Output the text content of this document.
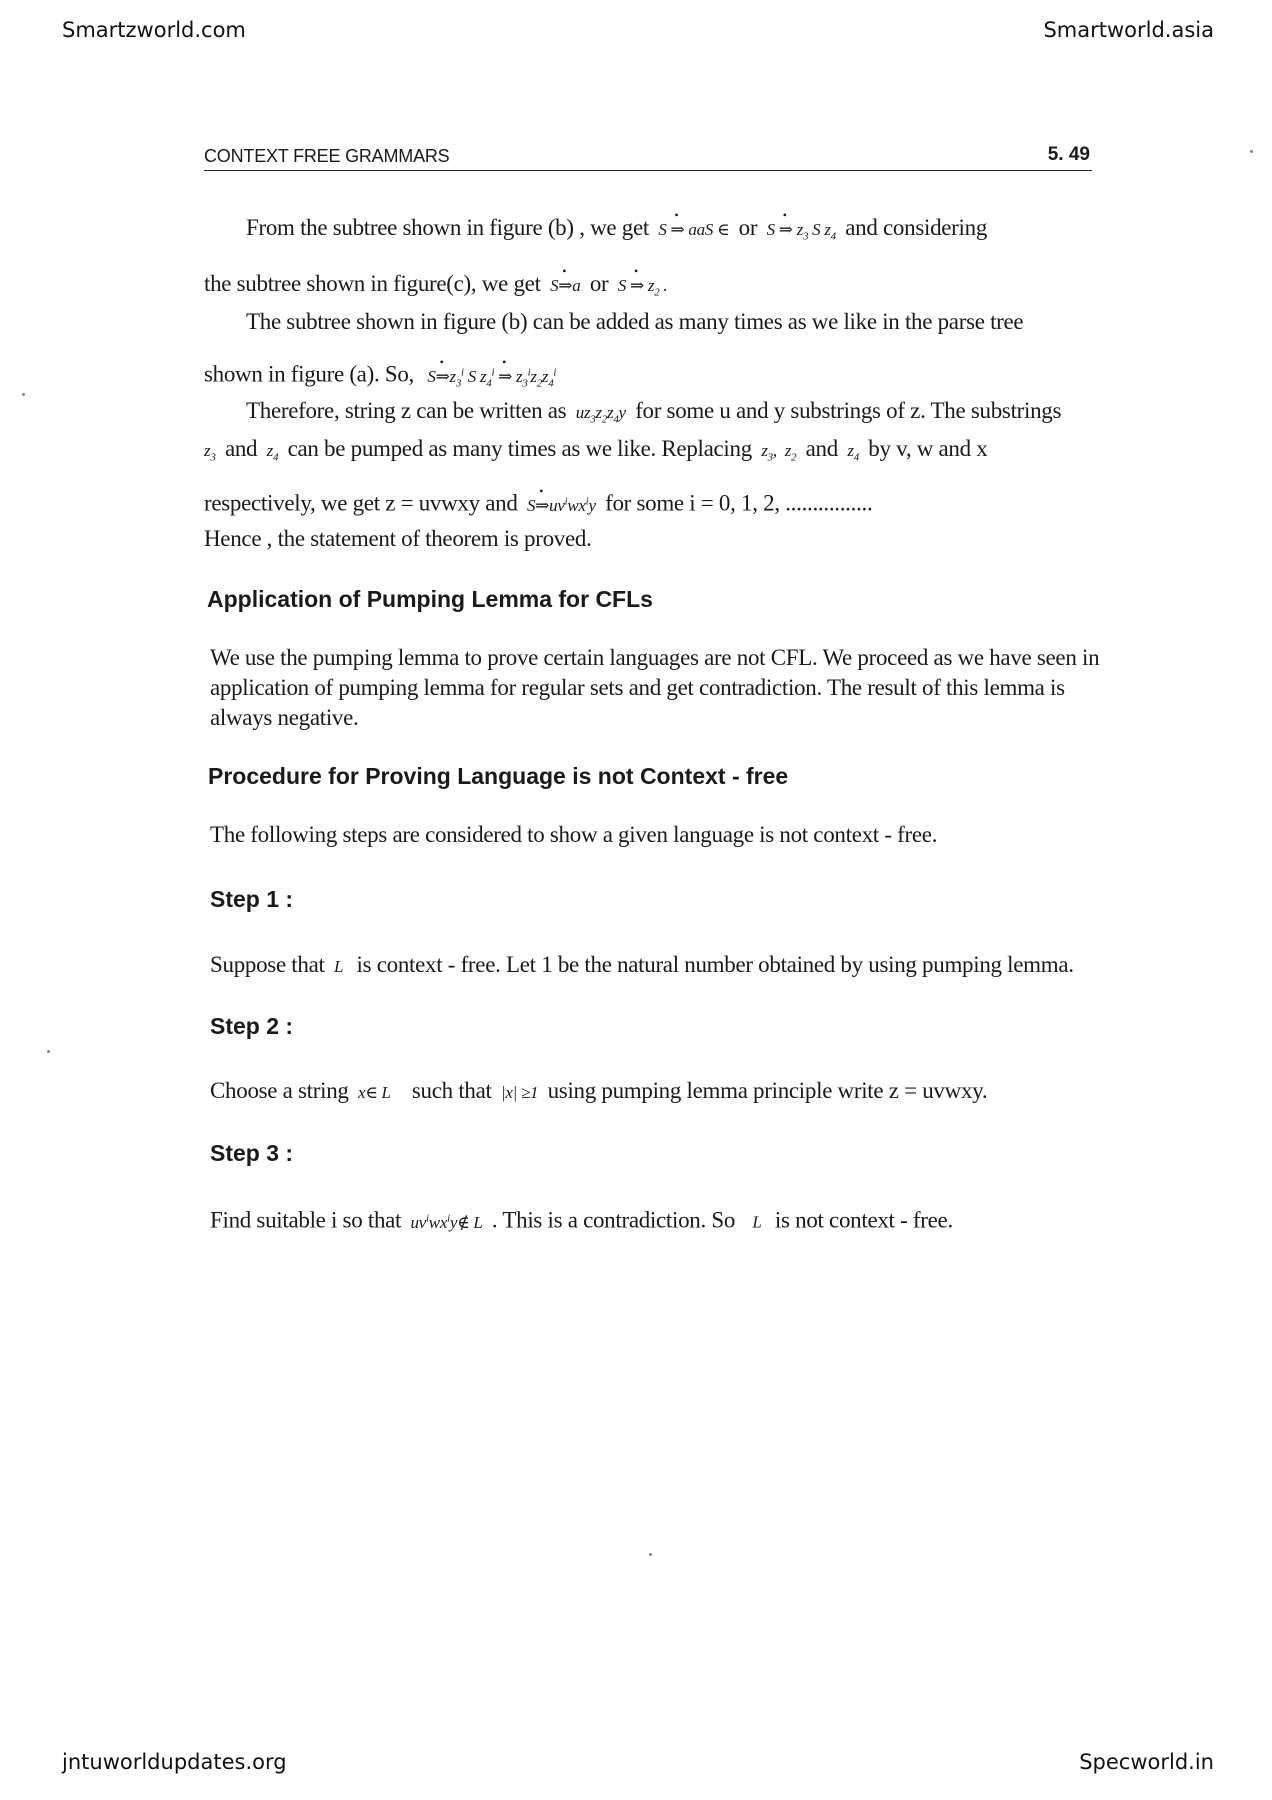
Smartzworld.com	Smartworld.asia
jntuworldupdates.org	Specworld.in
CONTEXT FREE GRAMMARS	5. 49
From the subtree shown in figure (b) , we get  S • ⇒ aaS ∈  or  S • ⇒ $z_3$ S $z_4$ and considering
the subtree shown in figure(c), we get  S• ⇒a  or  S • ⇒ $z_2$ .
The subtree shown in figure (b) can be added as many times as we like in the parse tree
shown in figure (a). So,   S• $\Rightarrow z_3^i$ S $z_4^i$ • ⇒ $z_3^iz_2z_4^i$
Therefore, string z can be written as  $uz_3z_2z_4y$  for some u and y substrings of z. The substrings
$z_3$ and  $z_4$ can be pumped as many times as we like. Replacing  $z_3$,  $z_2$ and  $z_4$ by v, w and x
respectively, we get z = uvwxy and  S• $\Rightarrow uv^iwx^iy$  for some i = 0, 1, 2, ................
Hence , the statement of theorem is proved.
Application of Pumping Lemma for CFLs
We use the pumping lemma to prove certain languages are not CFL. We proceed as we have seen in application of pumping lemma for regular sets and get contradiction. The result of this lemma is always negative.
Procedure for Proving Language is not Context - free
The following steps are considered to show a given language is not context - free.
Step 1 :
Suppose that  L   is context - free. Let 1 be the natural number obtained by using pumping lemma.
Step 2 :
Choose a string  x∈ L     such that  |x| ≥1  using pumping lemma principle write z = uvwxy.
Step 3 :
Find suitable i so that  $uv^iwx^iy\notin$ L  . This is a contradiction. So    L   is not context - free.
